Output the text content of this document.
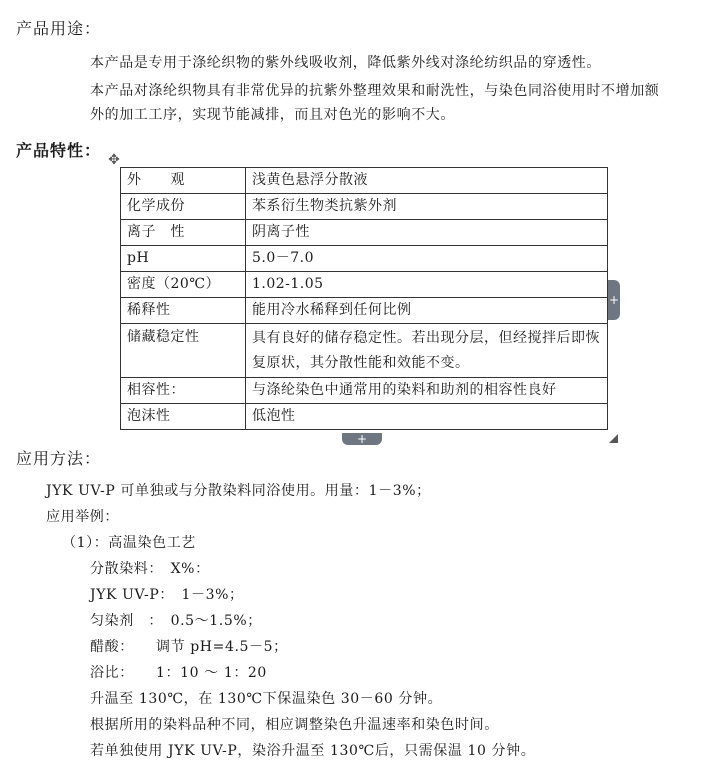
产品用途：
本产品是专用于涤纶织物的紫外线吸收剂，降低紫外线对涤纶纺织品的穿透性。
本产品对涤纶织物具有非常优异的抗紫外整理效果和耐洗性，与染色同浴使用时不增加额
外的加工工序，实现节能减排，而且对色光的影响不大。
产品特性： ✥
外　　观	浅黄色悬浮分散液
化学成份	苯系衍生物类抗紫外剂
离子　性	阴离子性
pH	5.0－7.0
密度（20℃）	1.02-1.05
稀释性	能用冷水稀释到任何比例
储藏稳定性	具有良好的储存稳定性。若出现分层，但经搅拌后即恢复原状，其分散性能和效能不变。
相容性：	与涤纶染色中通常用的染料和助剂的相容性良好
泡沫性	低泡性
+
+
应用方法：
JYK UV-P 可单独或与分散染料同浴使用。用量：1－3%；
应用举例：
（1）：高温染色工艺
分散染料：　X%：
JYK UV-P：　1－3%；
匀染剂　：　0.5～1.5%；
醋酸：　　调节 pH=4.5－5；
浴比：　　1：10 ～ 1：20
升温至 130℃，在 130℃下保温染色 30－60 分钟。
根据所用的染料品种不同，相应调整染色升温速率和染色时间。
若单独使用 JYK UV-P，染浴升温至 130℃后，只需保温 10 分钟。
